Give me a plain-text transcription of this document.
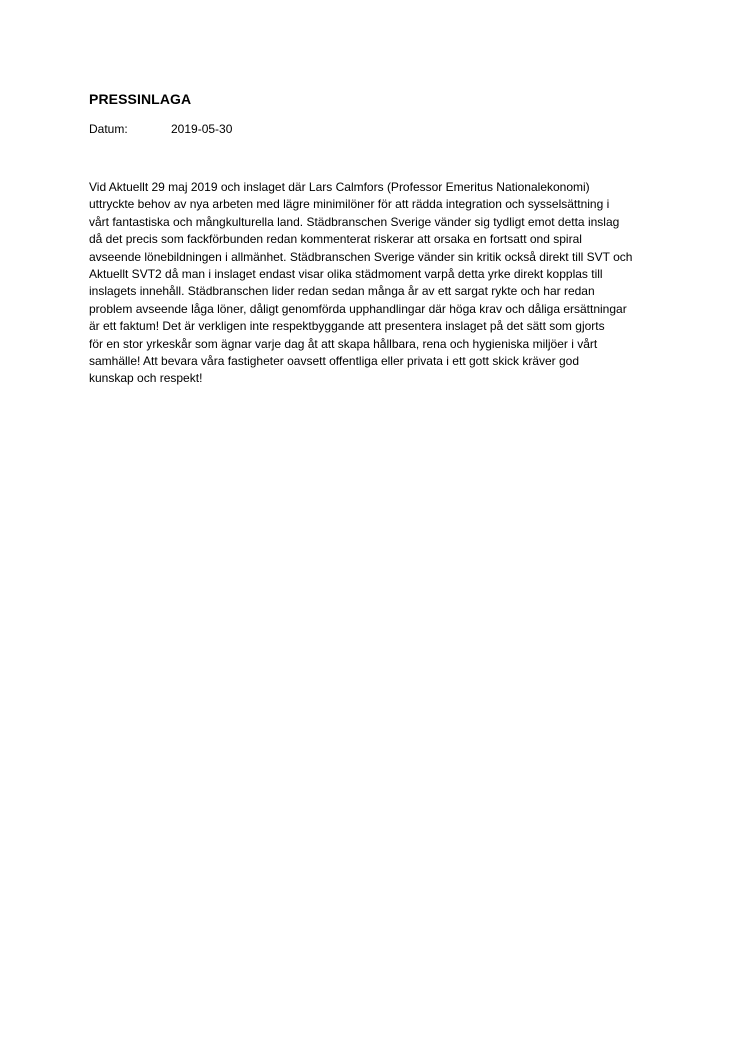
PRESSINLAGA
Datum:	2019-05-30
Vid Aktuellt 29 maj 2019 och inslaget där Lars Calmfors (Professor Emeritus Nationalekonomi)
uttryckte behov av nya arbeten med lägre minimilöner för att rädda integration och sysselsättning i
vårt fantastiska och mångkulturella land. Städbranschen Sverige vänder sig tydligt emot detta inslag
då det precis som fackförbunden redan kommenterat riskerar att orsaka en fortsatt ond spiral
avseende lönebildningen i allmänhet. Städbranschen Sverige vänder sin kritik också direkt till SVT och
Aktuellt SVT2 då man i inslaget endast visar olika städmoment varpå detta yrke direkt kopplas till
inslagets innehåll. Städbranschen lider redan sedan många år av ett sargat rykte och har redan
problem avseende låga löner, dåligt genomförda upphandlingar där höga krav och dåliga ersättningar
är ett faktum! Det är verkligen inte respektbyggande att presentera inslaget på det sätt som gjorts
för en stor yrkeskår som ägnar varje dag åt att skapa hållbara, rena och hygieniska miljöer i vårt
samhälle! Att bevara våra fastigheter oavsett offentliga eller privata i ett gott skick kräver god
kunskap och respekt!
